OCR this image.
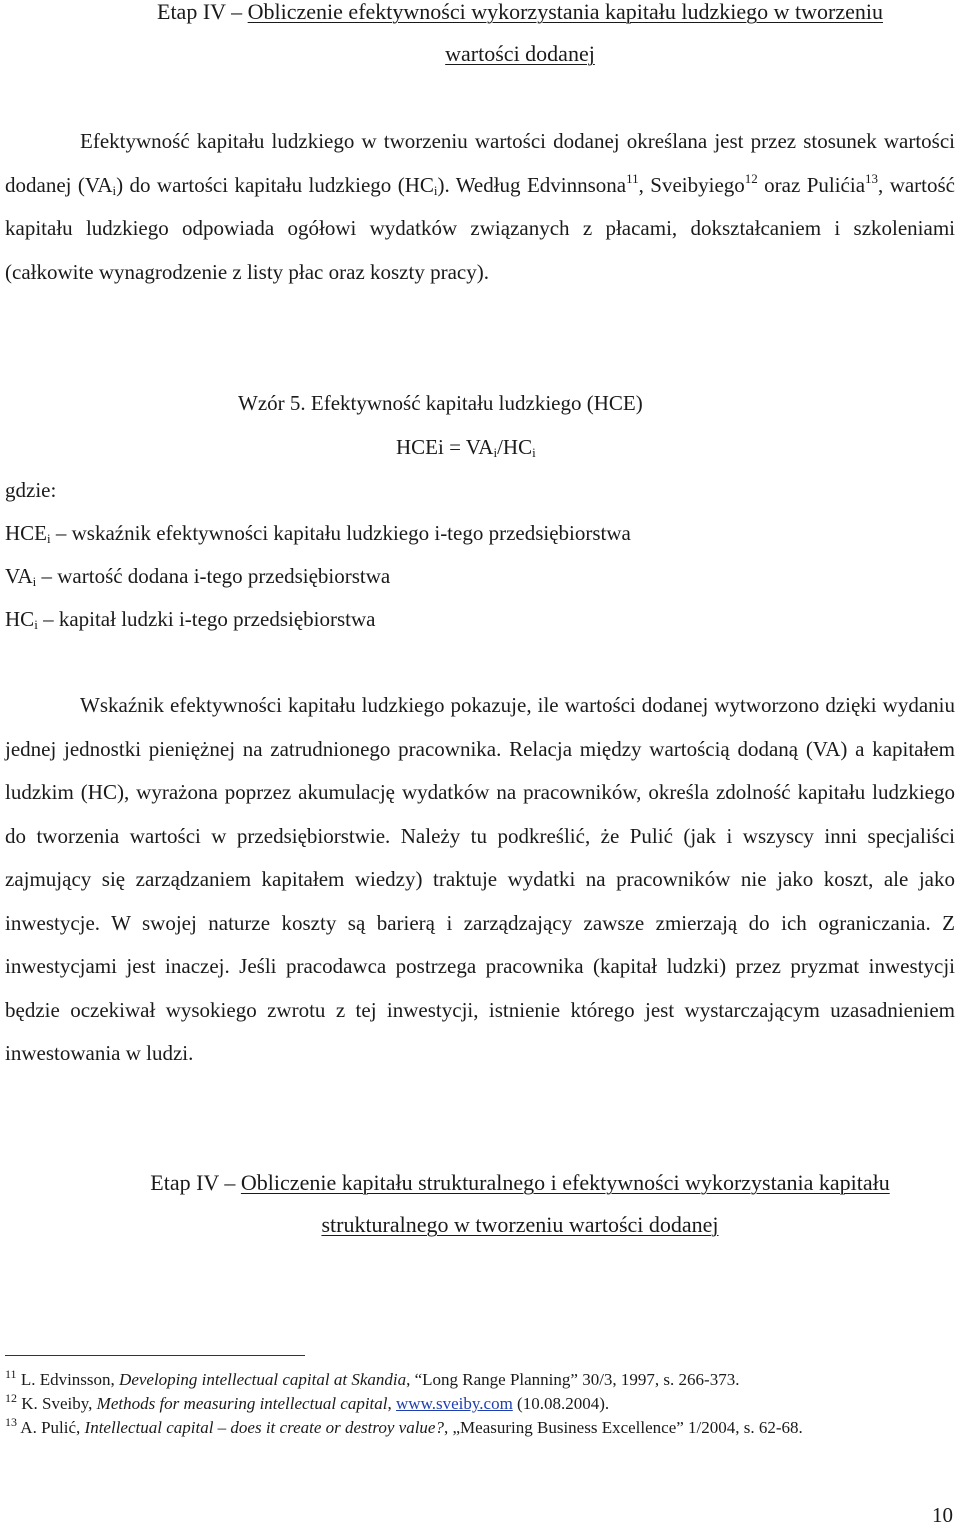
Etap IV – Obliczenie efektywności wykorzystania kapitału ludzkiego w tworzeniu
wartości dodanej

Efektywność kapitału ludzkiego w tworzeniu wartości dodanej określana jest przez stosunek wartości dodanej $(VA_i)$ do wartości kapitału ludzkiego $(HC_i)$. Według Edvinnsona$^{11}$, Sveibyiego$^{12}$ oraz Pulićia$^{13}$, wartość kapitału ludzkiego odpowiada ogółowi wydatków związanych z płacami, dokształcaniem i szkoleniami (całkowite wynagrodzenie z listy płac oraz koszty pracy).

Wzór 5. Efektywność kapitału ludzkiego (HCE)
HCEi = $VA_i/HC_i$
gdzie:
$HCE_i$ – wskaźnik efektywności kapitału ludzkiego i-tego przedsiębiorstwa
$VA_i$ – wartość dodana i-tego przedsiębiorstwa
$HC_i$ – kapitał ludzki i-tego przedsiębiorstwa

Wskaźnik efektywności kapitału ludzkiego pokazuje, ile wartości dodanej wytworzono dzięki wydaniu jednej jednostki pieniężnej na zatrudnionego pracownika. Relacja między wartością dodaną (VA) a kapitałem ludzkim (HC), wyrażona poprzez akumulację wydatków na pracowników, określa zdolność kapitału ludzkiego do tworzenia wartości w przedsiębiorstwie. Należy tu podkreślić, że Pulić (jak i wszyscy inni specjaliści zajmujący się zarządzaniem kapitałem wiedzy) traktuje wydatki na pracowników nie jako koszt, ale jako inwestycje. W swojej naturze koszty są barierą i zarządzający zawsze zmierzają do ich ograniczania. Z inwestycjami jest inaczej. Jeśli pracodawca postrzega pracownika (kapitał ludzki) przez pryzmat inwestycji będzie oczekiwał wysokiego zwrotu z tej inwestycji, istnienie którego jest wystarczającym uzasadnieniem inwestowania w ludzi.

Etap IV – Obliczenie kapitału strukturalnego i efektywności wykorzystania kapitału
strukturalnego w tworzeniu wartości dodanej
$^{11}$ L. Edvinsson, Developing intellectual capital at Skandia, “Long Range Planning” 30/3, 1997, s. 266-373.
$^{12}$ K. Sveiby, Methods for measuring intellectual capital, www.sveiby.com (10.08.2004).
$^{13}$ A. Pulić, Intellectual capital – does it create or destroy value?, „Measuring Business Excellence” 1/2004, s. 62-68.
10
